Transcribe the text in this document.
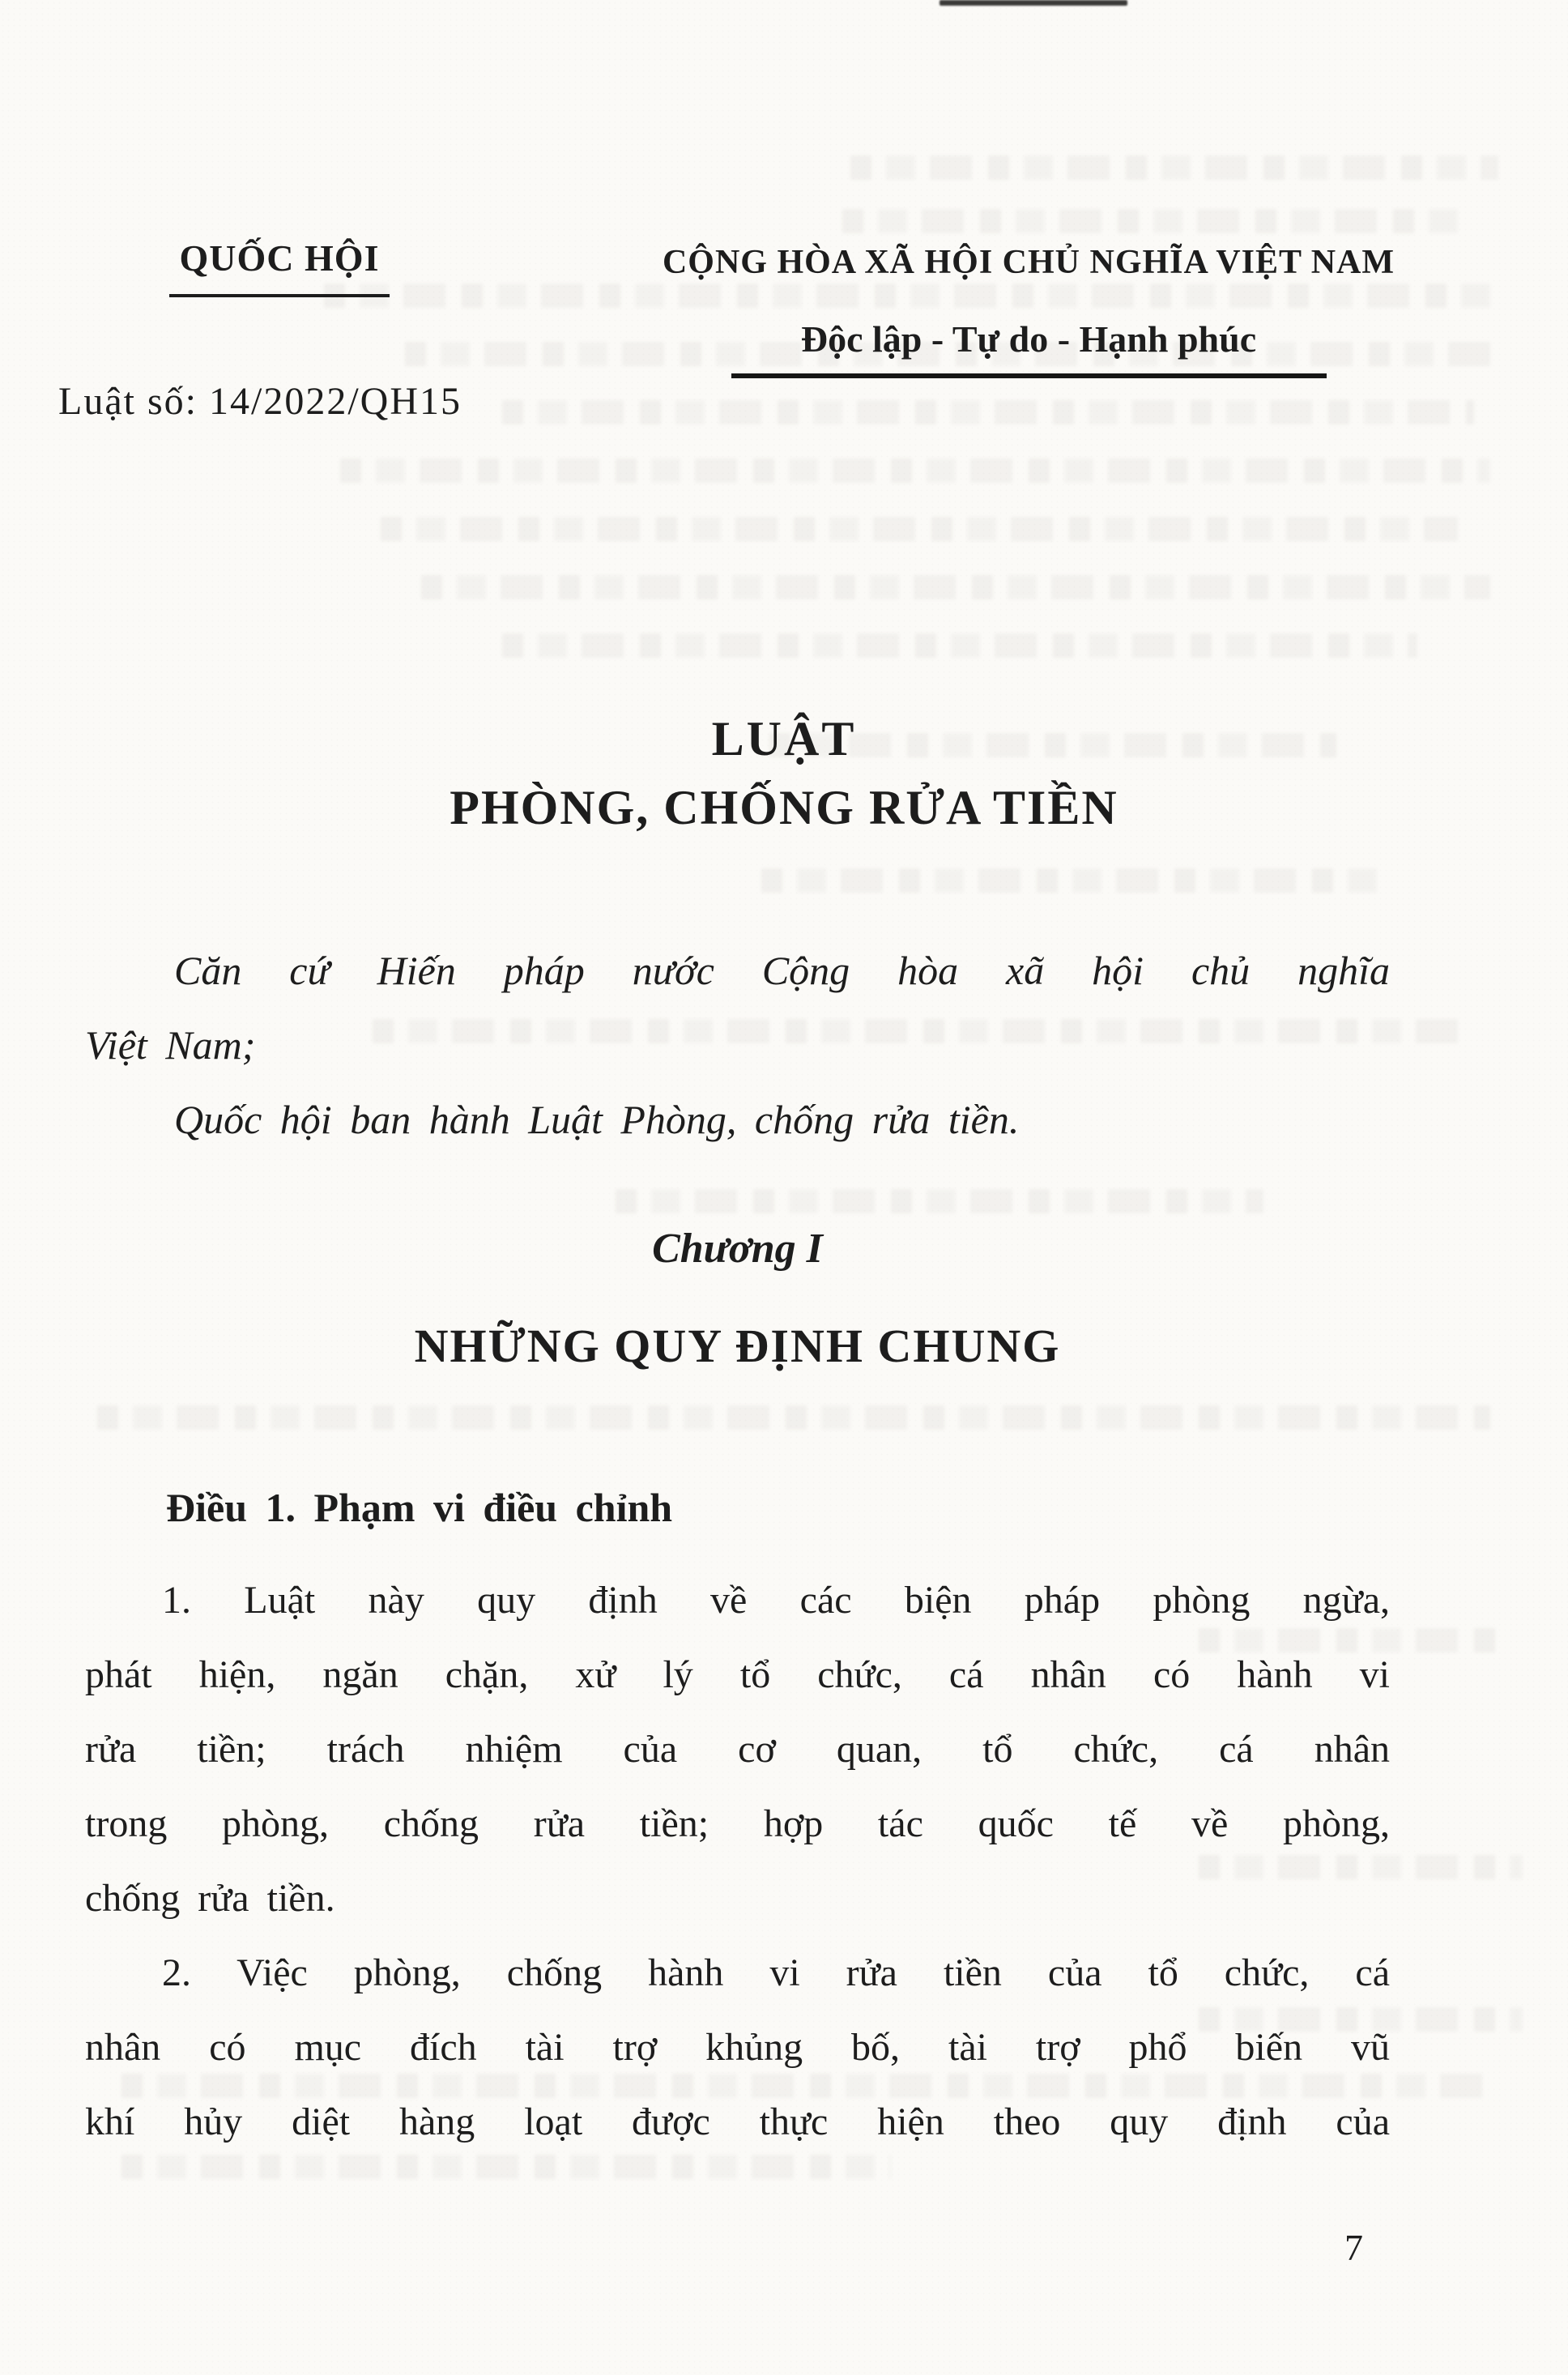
QUỐC HỘI	CỘNG HÒA XÃ HỘI CHỦ NGHĨA VIỆT NAM
Độc lập - Tự do - Hạnh phúc
Luật số: 14/2022/QH15
LUẬT
PHÒNG, CHỐNG RỬA TIỀN
Căn cứ Hiến pháp nước Cộng hòa xã hội chủ nghĩa
Việt Nam;
Quốc hội ban hành Luật Phòng, chống rửa tiền.
Chương I
NHỮNG QUY ĐỊNH CHUNG
Điều 1. Phạm vi điều chỉnh
1. Luật này quy định về các biện pháp phòng ngừa,
phát hiện, ngăn chặn, xử lý tổ chức, cá nhân có hành vi
rửa tiền; trách nhiệm của cơ quan, tổ chức, cá nhân
trong phòng, chống rửa tiền; hợp tác quốc tế về phòng,
chống rửa tiền.
2. Việc phòng, chống hành vi rửa tiền của tổ chức, cá
nhân có mục đích tài trợ khủng bố, tài trợ phổ biến vũ
khí hủy diệt hàng loạt được thực hiện theo quy định của
7
